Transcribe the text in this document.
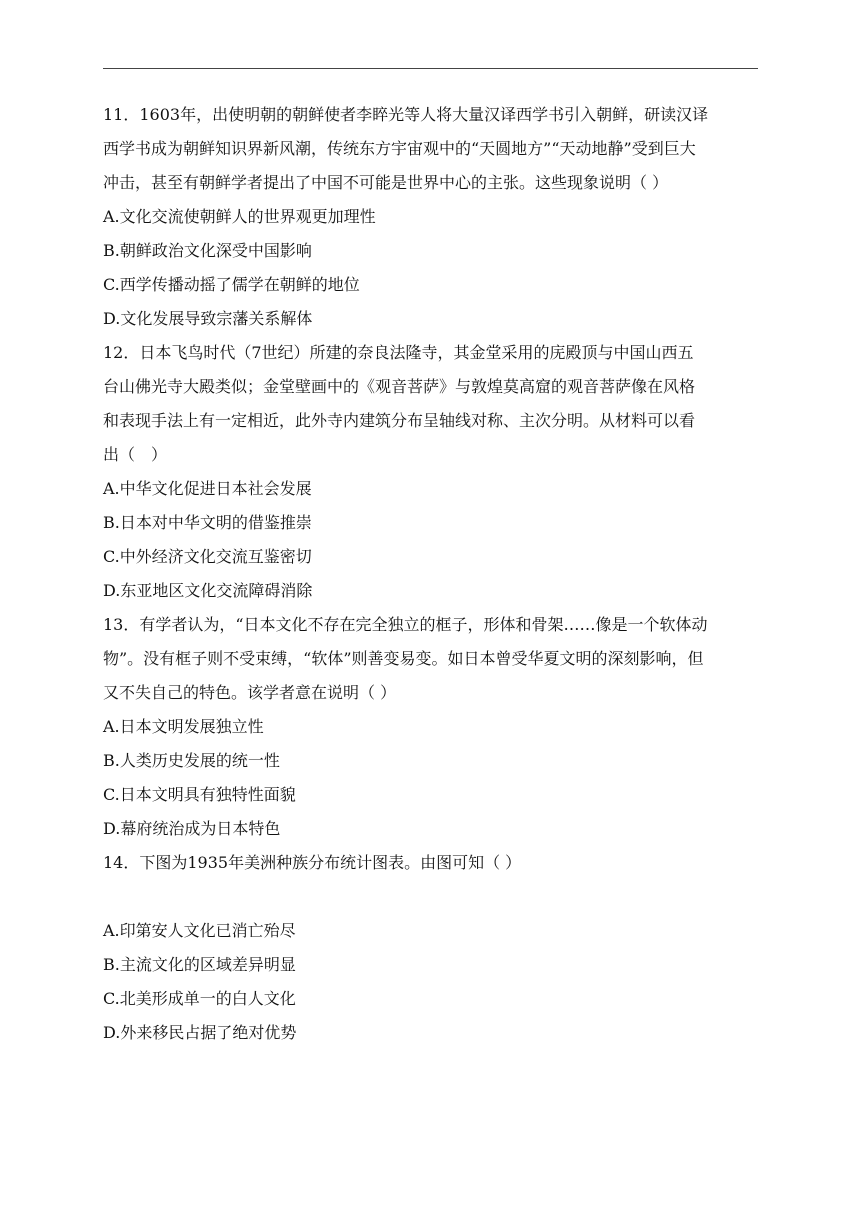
11．1603年，出使明朝的朝鲜使者李睟光等人将大量汉译西学书引入朝鲜，研读汉译
西学书成为朝鲜知识界新风潮，传统东方宇宙观中的“天圆地方”“天动地静”受到巨大
冲击，甚至有朝鲜学者提出了中国不可能是世界中心的主张。这些现象说明（ ）
A.文化交流使朝鲜人的世界观更加理性
B.朝鲜政治文化深受中国影响
C.西学传播动摇了儒学在朝鲜的地位
D.文化发展导致宗藩关系解体
12．日本飞鸟时代（7世纪）所建的奈良法隆寺，其金堂采用的庑殿顶与中国山西五
台山佛光寺大殿类似；金堂壁画中的《观音菩萨》与敦煌莫高窟的观音菩萨像在风格
和表现手法上有一定相近，此外寺内建筑分布呈轴线对称、主次分明。从材料可以看
出（　）
A.中华文化促进日本社会发展
B.日本对中华文明的借鉴推崇
C.中外经济文化交流互鉴密切
D.东亚地区文化交流障碍消除
13．有学者认为，“日本文化不存在完全独立的框子，形体和骨架……像是一个软体动
物”。没有框子则不受束缚，“软体”则善变易变。如日本曾受华夏文明的深刻影响，但
又不失自己的特色。该学者意在说明（ ）
A.日本文明发展独立性
B.人类历史发展的统一性
C.日本文明具有独特性面貌
D.幕府统治成为日本特色
14．下图为1935年美洲种族分布统计图表。由图可知（ ）
A.印第安人文化已消亡殆尽
B.主流文化的区域差异明显
C.北美形成单一的白人文化
D.外来移民占据了绝对优势
